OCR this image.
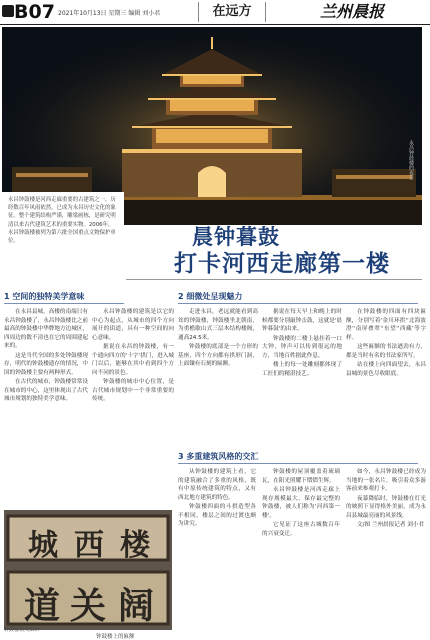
B07 2021年10月13日 星期三 编辑 刘小君	在远方	兰州晨报
永昌钟鼓楼的夜景
永昌钟鼓楼是河西走廊重要的古建筑之一，历经数百年风雨依然，已成为永昌历史文化的象征。整个建筑结构严谨，雕梁画栋，是研究明清以来古代建筑艺术的重要实物。2006年，永昌钟鼓楼被列为第六批全国重点文物保护单位。	晨钟暮鼓
打卡河西走廊第一楼
1 空间的独特美学意味

在永昌县城，高楼的南端只有永昌钟鼓楼了，永昌钟鼓楼比之前最高的钟鼓楼中华牌地方边城区，四周边的数不清也在它的周围建起来的。

这是当代全国的多处钟鼓楼现存，明代的钟鼓楼遗存的情况，中国的钟鼓楼主要有两种形式。

在古代的城市，钟鼓楼常常设在城市的中心，这里体现出了古代城市规划的独特美学意味。

永昌钟鼓楼的建筑是以它的中心为起点，从城市的四个方向展开的街道，具有一种空间的向心意味。

据说在永昌的钟鼓楼，有一个通向四方的'十字'拱门，进入城门以后，能够在其中看到四个方向不同的景色。

钟鼓楼的城市中心位置，是古代城市规划中一个非常重要的传统。

2 细微处呈现魅力

走进永昌，老远就能看到高耸的钟鼓楼，钟鼓楼坐北朝南，为重檐歇山式三层木结构楼阁，通高24.5米。

钟鼓楼的底部是一个方形的基座，四个方向都有拱形门洞，上面镶有石刻的匾额。

据说在每天早上和晚上的时候都要分别敲钟击鼓，这就是'晨钟暮鼓'的由来。

钟鼓楼的二楼上悬挂着一口大钟，钟声可以传到很远的地方，当地百姓据此作息。

楼上的每一处雕刻都体现了工匠们的精湛技艺。

在钟鼓楼的四面有四块匾额，分别写着'金川环拱''北海波澄''南屏叠翠''东望''西藏'等字样。

这些匾额的书法遒劲有力，都是当时有名的书法家所写。

站在楼上向四面望去，永昌县城的景色尽收眼底。

3 多重建筑风格的交汇

从钟鼓楼的建筑上看，它的建筑融合了多重的风格，既有中原传统建筑的特点，又有西北地方建筑的特色。

钟鼓楼四面的斗拱造型各不相同，楼层之间的过渡也颇为讲究。

钟鼓楼的屋顶覆盖着琉璃瓦，在阳光照耀下熠熠生辉。

永昌钟鼓楼是河西走廊上现存规模最大、保存最完整的钟鼓楼，被人们称为'河西第一楼'。

它见证了这座古城数百年的兴衰变迁。

如今，永昌钟鼓楼已经成为当地的一张名片，吸引着众多游客前来参观打卡。

夜幕降临时，钟鼓楼在灯光的映照下显得格外美丽，成为永昌县城最亮丽的风景线。

文/图 兰州晨报记者 刘小君

城 西 楼
道 关 阔
钟鼓楼上的匾额
钟鼓楼相关知识
